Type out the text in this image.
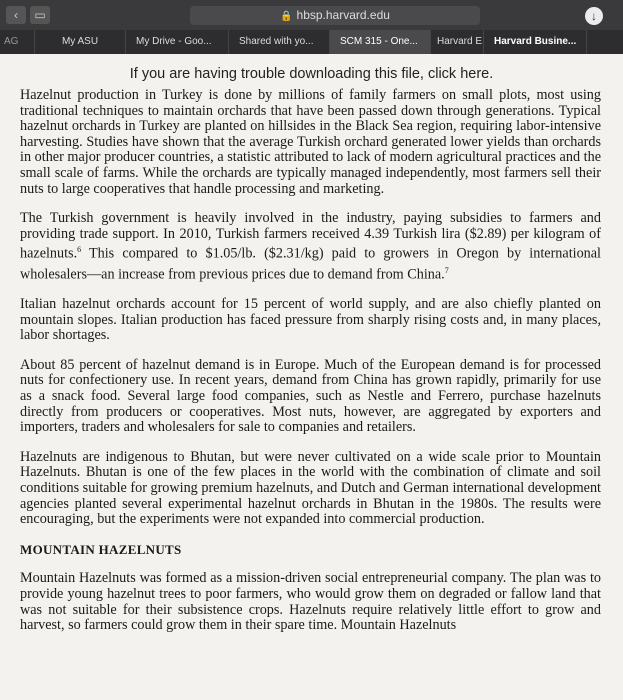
‹	▭	🔒 hbsp.harvard.edu	↓
AG	My ASU	My Drive - Goo...	Shared with yo...	SCM 315 - One...	Harvard E	Harvard Busine...
If you are having trouble downloading this file, click here.

Hazelnut production in Turkey is done by millions of family farmers on small plots, most using traditional techniques to maintain orchards that have been passed down through generations. Typical hazelnut orchards in Turkey are planted on hillsides in the Black Sea region, requiring labor-intensive harvesting. Studies have shown that the average Turkish orchard generated lower yields than orchards in other major producer countries, a statistic attributed to lack of modern agricultural practices and the small scale of farms. While the orchards are typically managed independently, most farmers sell their nuts to large cooperatives that handle processing and marketing.

The Turkish government is heavily involved in the industry, paying subsidies to farmers and providing trade support. In 2010, Turkish farmers received 4.39 Turkish lira ($2.89) per kilogram of hazelnuts.$^6$ This compared to $1.05/lb. ($2.31/kg) paid to growers in Oregon by international wholesalers—an increase from previous prices due to demand from China.$^7$

Italian hazelnut orchards account for 15 percent of world supply, and are also chiefly planted on mountain slopes. Italian production has faced pressure from sharply rising costs and, in many places, labor shortages.

About 85 percent of hazelnut demand is in Europe. Much of the European demand is for processed nuts for confectionery use. In recent years, demand from China has grown rapidly, primarily for use as a snack food. Several large food companies, such as Nestle and Ferrero, purchase hazelnuts directly from producers or cooperatives. Most nuts, however, are aggregated by exporters and importers, traders and wholesalers for sale to companies and retailers.

Hazelnuts are indigenous to Bhutan, but were never cultivated on a wide scale prior to Mountain Hazelnuts. Bhutan is one of the few places in the world with the combination of climate and soil conditions suitable for growing premium hazelnuts, and Dutch and German international development agencies planted several experimental hazelnut orchards in Bhutan in the 1980s. The results were encouraging, but the experiments were not expanded into commercial production.

MOUNTAIN HAZELNUTS

Mountain Hazelnuts was formed as a mission-driven social entrepreneurial company. The plan was to provide young hazelnut trees to poor farmers, who would grow them on degraded or fallow land that was not suitable for their subsistence crops. Hazelnuts require relatively little effort to grow and harvest, so farmers could grow them in their spare time. Mountain Hazelnuts
